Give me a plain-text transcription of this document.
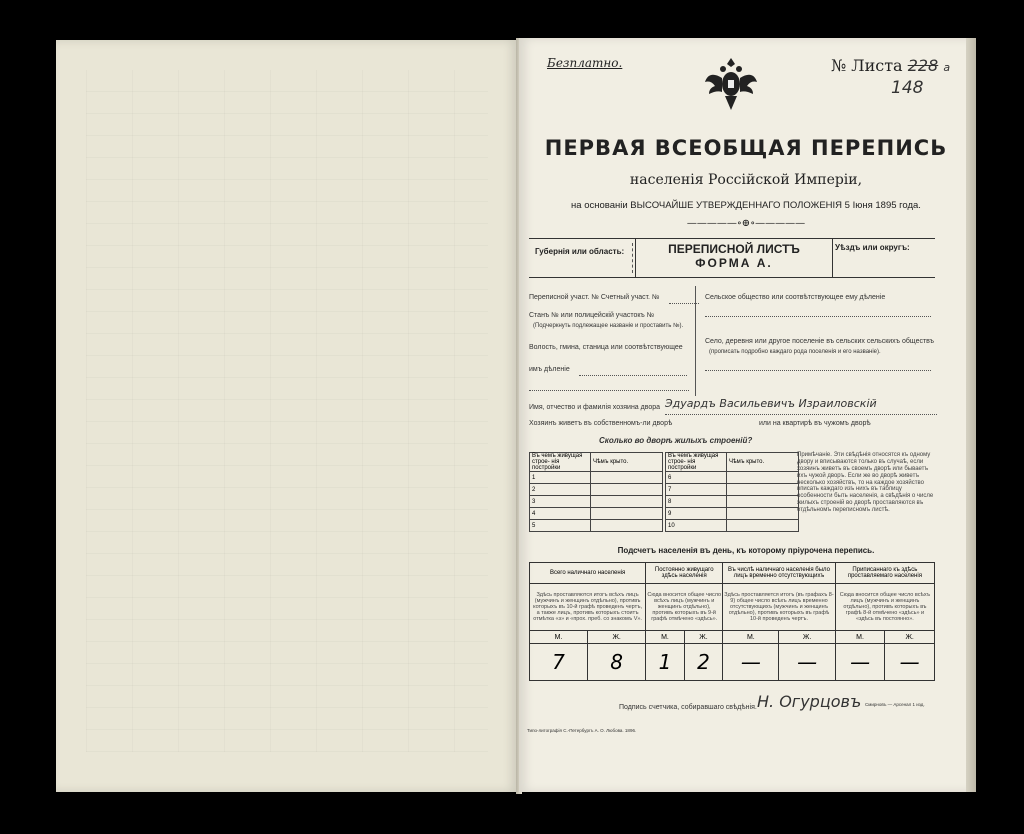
Безплатно.	№ Листа 228 а
148
ПЕРВАЯ ВСЕОБЩАЯ ПЕРЕПИСЬ
населенія Россійской Имперіи,
на основаніи ВЫСОЧАЙШЕ УТВЕРЖДЕННАГО ПОЛОЖЕНІЯ 5 Іюня 1895 года.
—————∘⊕∘—————
Губернія или область:	ПЕРЕПИСНОЙ ЛИСТЪ
ФОРМА А.
Уѣздъ или округъ:
Переписной участ. № Счетный участ. №
Станъ № или полицейскій участокъ №
(Подчеркнуть подлежащее названіе и проставить №).
Волость, гмина, станица или соотвѣтствующее
имъ дѣленіе
Сельское общество или соотвѣтствующее ему дѣленіе
Село, деревня или другое поселеніе въ сельских сельскихъ обществъ
(прописать подробно каждаго рода поселенія и его названіе).
Имя, отчество и фамилія хозяина двора Эдуардъ Васильевичъ Израиловскій
Хозяинъ живетъ въ собственномъ-ли дворѣ	или на квартирѣ въ чужомъ дворѣ
Сколько во дворѣ жилыхъ строеній?
Въ чемъ живущая строе- нія постройки	Чѣмъ крыто.
1	
2	
3	
4	
5	
Въ чемъ живущая строе- нія постройки	Чѣмъ крыто.
6	
7	
8	
9	
10	
Примѣчаніе. Эти свѣдѣнія относятся къ одному двору и вписываются только въ случаѣ, если хозяинъ живетъ въ своемъ дворѣ или бываетъ ихъ чужой дворъ. Если же во дворѣ живетъ несколько хозяйствъ, то на каждое хозяйство вписать каждаго изъ нихъ въ таблицу особенности быть населенія, а свѣдѣнія о числе жилыхъ строеній во дворѣ проставляются въ отдѣльномъ переписномъ листѣ.
Подсчетъ населенія въ день, къ которому пріурочена перепись.
Всего наличнаго населенія		Постоянно живущаго здѣсь населенія		Въ числѣ наличнаго населенія было лицъ временно отсутствующихъ		Приписаннаго къ здѣсь проставляемаго населенія	
Здѣсь проставляются итогъ всѣхъ лицъ (мужчинъ и женщинъ отдѣльно), противъ которыхъ въ 10-й графѣ проведенъ чертъ, а также лицъ, противъ которыхъ стоитъ отмѣтка «з» и «прох. преб. со знакомъ V».		Сюда вносится общее число всѣхъ лицъ (мужчинъ и женщинъ отдѣльно), противъ которыхъ въ 9-й графѣ отмѣчено «здѣсь».		Здѣсь проставляется итогъ (въ графахъ 8-9) общее число всѣхъ лицъ временно отсутствующихъ (мужчинъ и женщинъ отдѣльно), противъ которыхъ въ графѣ 10-й проведенъ чертъ.		Сюда вносится общее число всѣхъ лицъ (мужчинъ и женщинъ отдѣльно), противъ которыхъ въ графѣ 8-й отмѣчено «здѣсь» и «здѣсь въ постоянно».	
М.	Ж.	М.	Ж.	М.	Ж.	М.	Ж.
7	8	1	2	—	—	—	—
Подпись счетчика, собиравшаго свѣдѣнія. Н. Огурцовъ
Типо-литографія С.-Петербургъ А. О. Любова. 1896.
Смирновъ — Арсенал 1 изд.
